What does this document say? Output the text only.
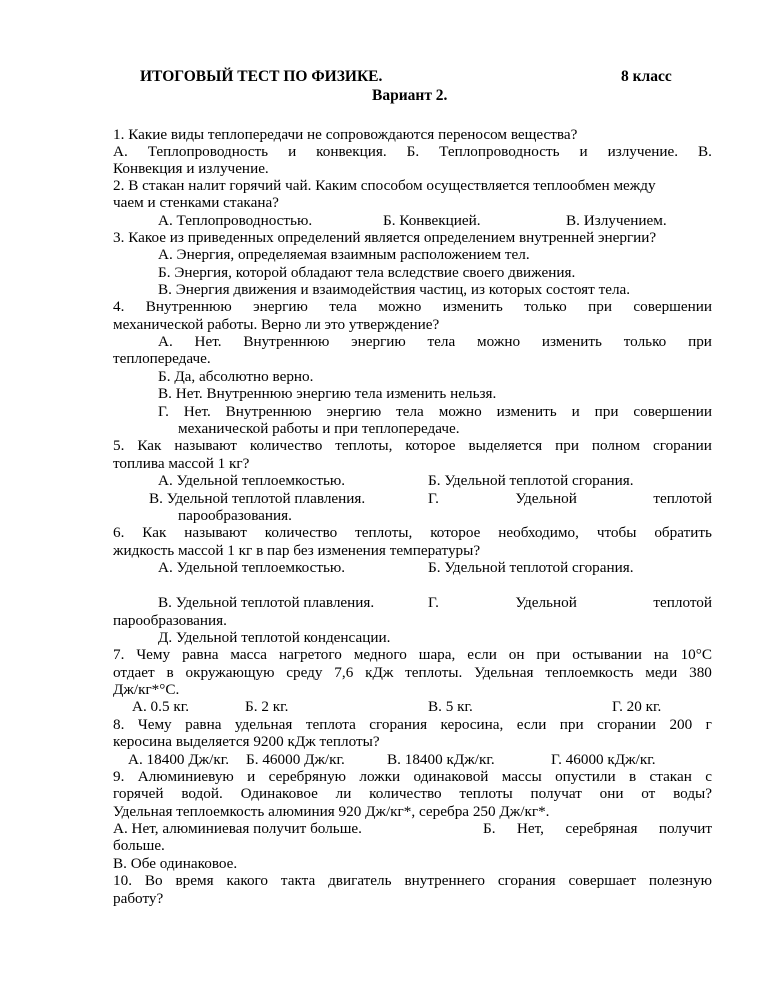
ИТОГОВЫЙ ТЕСТ ПО ФИЗИКЕ.	8 класс
Вариант 2.
1. Какие виды теплопередачи не сопровождаются переносом вещества?
А. Теплопроводность и конвекция. Б. Теплопроводность и излучение. В.
Конвекция и излучение.
2. В стакан налит горячий чай. Каким способом осуществляется теплообмен между
чаем и стенками стакана?
А. Теплопроводностью.	Б. Конвекцией.	В. Излучением.
3. Какое из приведенных определений является определением внутренней энергии?
А. Энергия, определяемая взаимным расположением тел.
Б. Энергия, которой обладают тела вследствие своего движения.
В. Энергия движения и взаимодействия частиц, из которых состоят тела.
4. Внутреннюю энергию тела можно изменить только при совершении
механической работы. Верно ли это утверждение?
А. Нет. Внутреннюю энергию тела можно изменить только при
теплопередаче.
Б. Да, абсолютно верно.
В. Нет. Внутреннюю энергию тела изменить нельзя.
Г. Нет. Внутреннюю энергию тела можно изменить и при совершении
механической работы и при теплопередаче.
5. Как называют количество теплоты, которое выделяется при полном сгорании
топлива массой 1 кг?
А. Удельной теплоемкостью.	Б. Удельной теплотой сгорания.
В. Удельной теплотой плавления.	Г.	Удельной	теплотой
парообразования.
6. Как называют количество теплоты, которое необходимо, чтобы обратить
жидкость массой 1 кг в пар без изменения температуры?
А. Удельной теплоемкостью.	Б. Удельной теплотой сгорания.
В. Удельной теплотой плавления.	Г.	Удельной	теплотой
парообразования.
Д. Удельной теплотой конденсации.
7. Чему равна масса нагретого медного шара, если он при остывании на 10°С
отдает в окружающую среду 7,6 кДж теплоты. Удельная теплоемкость меди 380
Дж/кг*°С.
А. 0.5 кг.	Б. 2 кг.	В. 5 кг.	Г. 20 кг.
8. Чему равна удельная теплота сгорания керосина, если при сгорании 200 г
керосина выделяется 9200 кДж теплоты?
А. 18400 Дж/кг. Б. 46000 Дж/кг.	В. 18400 кДж/кг.	Г. 46000 кДж/кг.
9. Алюминиевую и серебряную ложки одинаковой массы опустили в стакан с
горячей водой. Одинаковое ли количество теплоты получат они от воды?
Удельная теплоемкость алюминия 920 Дж/кг*, серебра 250 Дж/кг*.
А. Нет, алюминиевая получит больше.	Б. Нет, серебряная получит
больше.
В. Обе одинаковое.
10. Во время какого такта двигатель внутреннего сгорания совершает полезную
работу?
